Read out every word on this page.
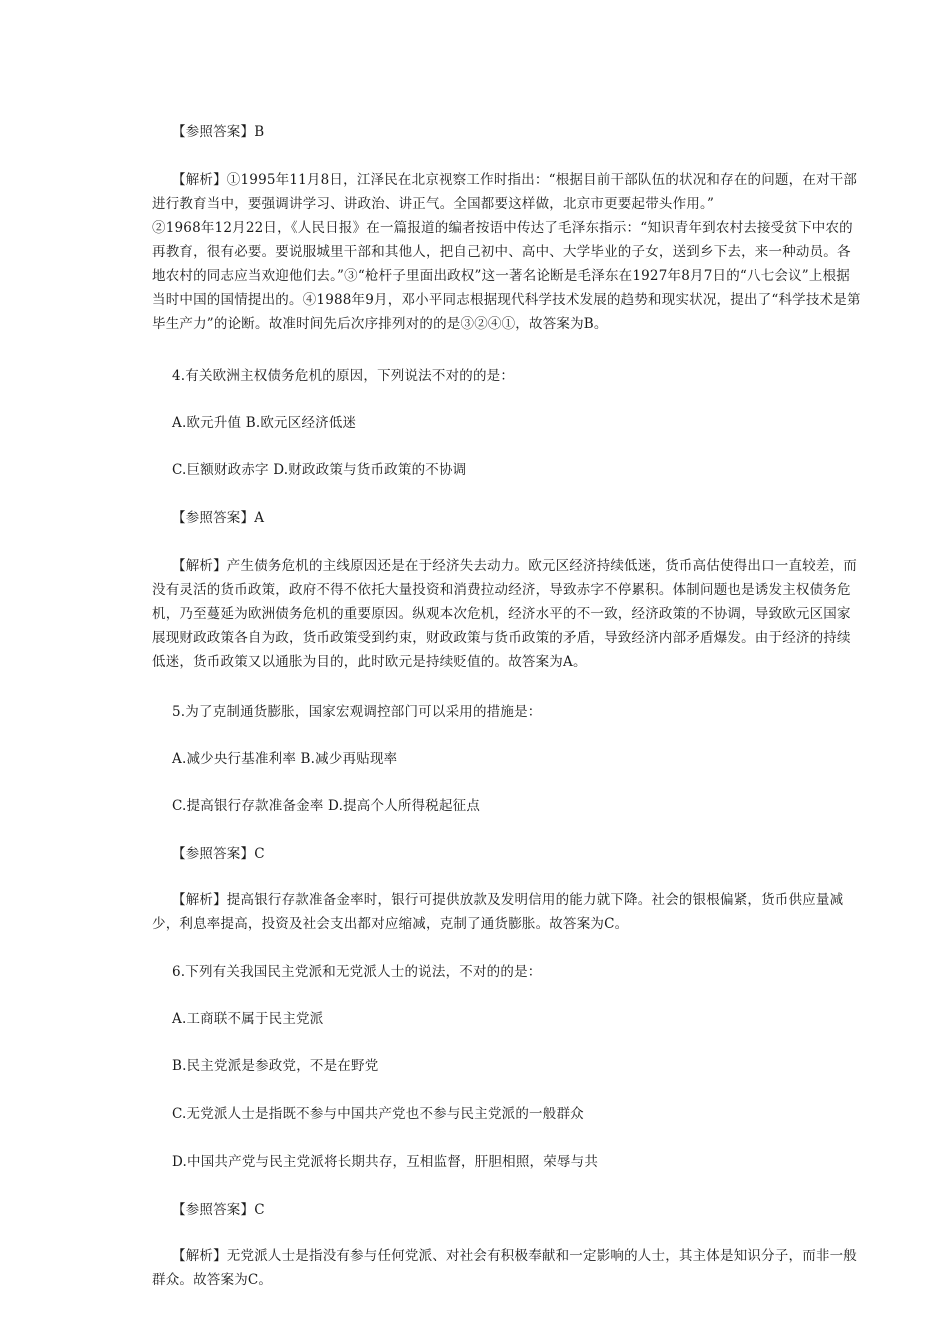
【参照答案】B
【解析】①1995年11月8日，江泽民在北京视察工作时指出：“根据目前干部队伍的状况和存在的问题，在对干部进行教育当中，要强调讲学习、讲政治、讲正气。全国都要这样做，北京市更要起带头作用。”
②1968年12月22日，《人民日报》在一篇报道的编者按语中传达了毛泽东指示：“知识青年到农村去接受贫下中农的再教育，很有必要。要说服城里干部和其他人，把自己初中、高中、大学毕业的子女，送到乡下去，来一种动员。各地农村的同志应当欢迎他们去。”③“枪杆子里面出政权”这一著名论断是毛泽东在1927年8月7日的“八七会议”上根据当时中国的国情提出的。④1988年9月，邓小平同志根据现代科学技术发展的趋势和现实状况，提出了“科学技术是第毕生产力”的论断。故准时间先后次序排列对的的是③②④①，故答案为B。
4.有关欧洲主权债务危机的原因，下列说法不对的的是：
A.欧元升值 B.欧元区经济低迷
C.巨额财政赤字 D.财政政策与货币政策的不协调
【参照答案】A
【解析】产生债务危机的主线原因还是在于经济失去动力。欧元区经济持续低迷，货币高估使得出口一直较差，而没有灵活的货币政策，政府不得不依托大量投资和消费拉动经济，导致赤字不停累积。体制问题也是诱发主权债务危机，乃至蔓延为欧洲债务危机的重要原因。纵观本次危机，经济水平的不一致，经济政策的不协调，导致欧元区国家展现财政政策各自为政，货币政策受到约束，财政政策与货币政策的矛盾，导致经济内部矛盾爆发。由于经济的持续低迷，货币政策又以通胀为目的，此时欧元是持续贬值的。故答案为A。
5.为了克制通货膨胀，国家宏观调控部门可以采用的措施是：
A.减少央行基准利率 B.减少再贴现率
C.提高银行存款准备金率 D.提高个人所得税起征点
【参照答案】C
【解析】提高银行存款准备金率时，银行可提供放款及发明信用的能力就下降。社会的银根偏紧，货币供应量减少，利息率提高，投资及社会支出都对应缩减，克制了通货膨胀。故答案为C。
6.下列有关我国民主党派和无党派人士的说法，不对的的是：
A.工商联不属于民主党派
B.民主党派是参政党，不是在野党
C.无党派人士是指既不参与中国共产党也不参与民主党派的一般群众
D.中国共产党与民主党派将长期共存，互相监督，肝胆相照，荣辱与共
【参照答案】C
【解析】无党派人士是指没有参与任何党派、对社会有积极奉献和一定影响的人士，其主体是知识分子，而非一般群众。故答案为C。
